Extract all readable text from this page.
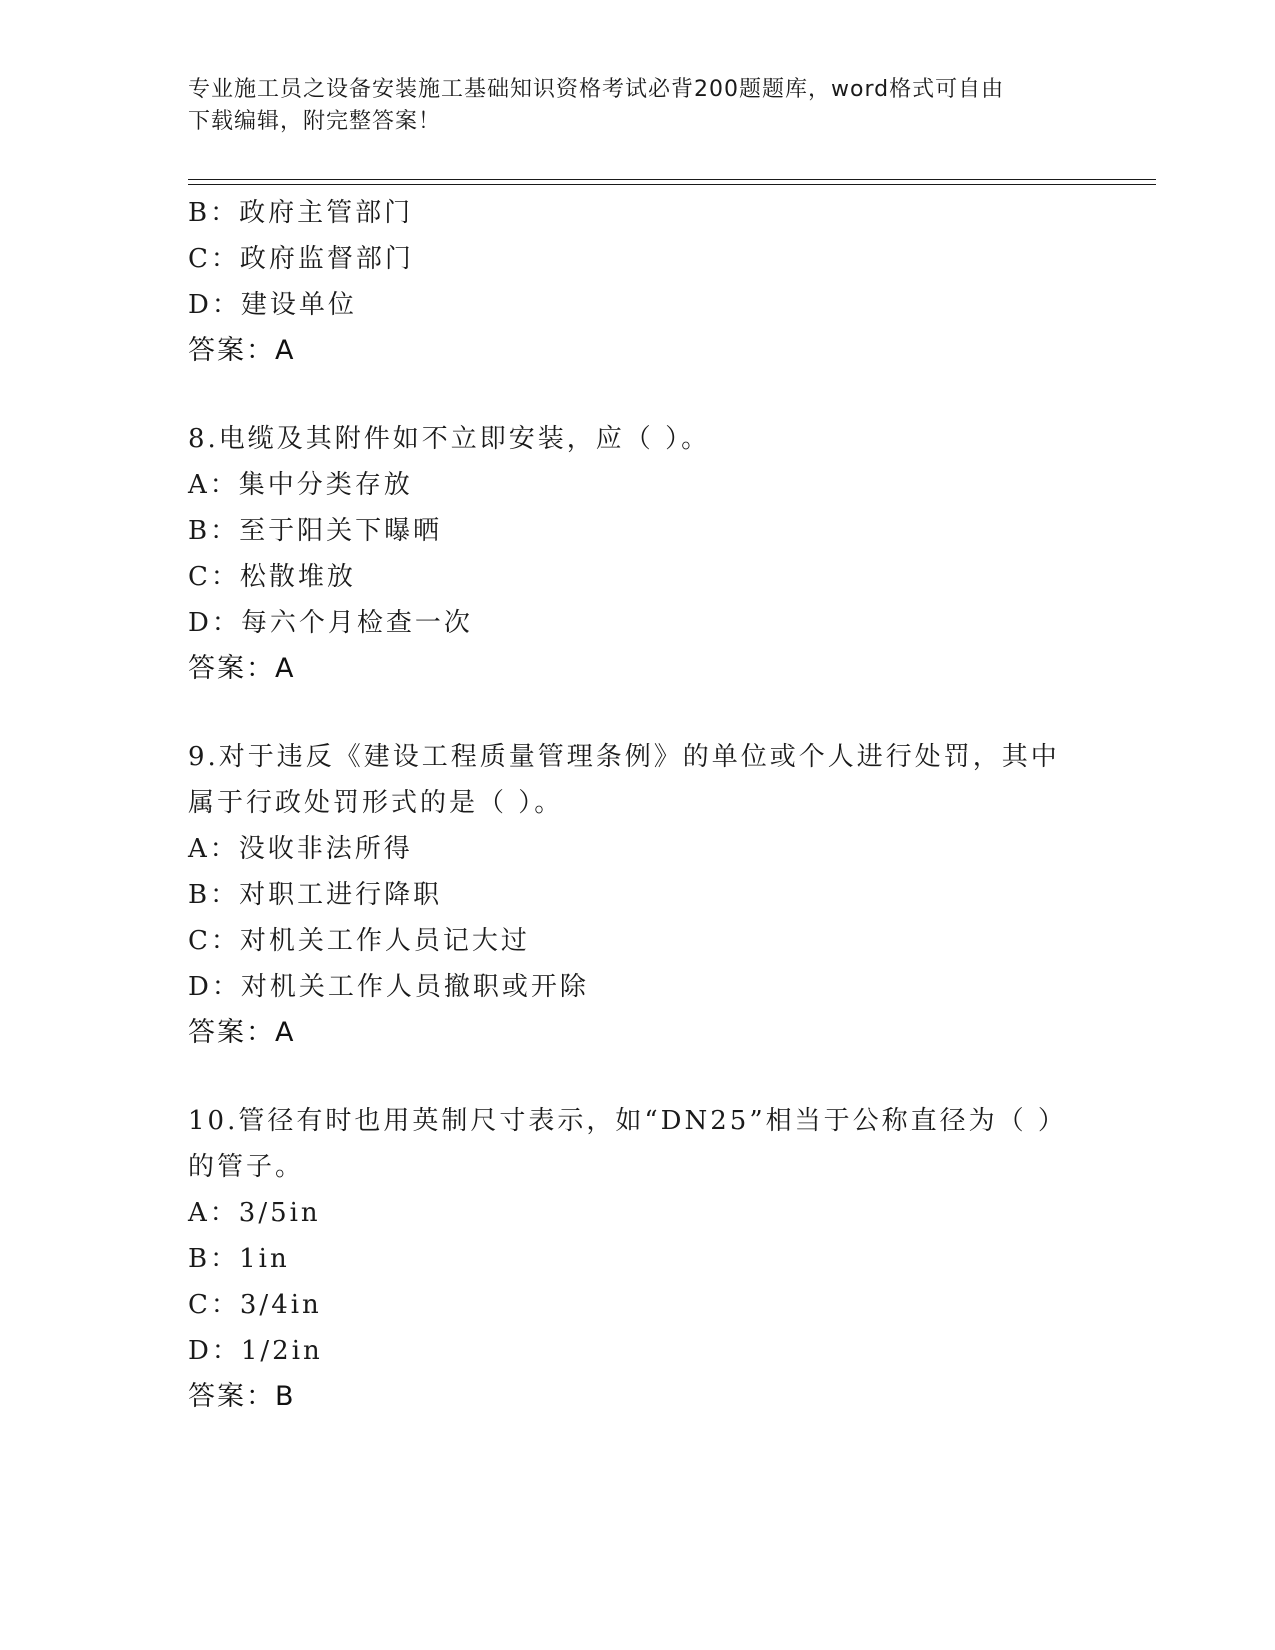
专业施工员之设备安装施工基础知识资格考试必背200题题库，word格式可自由
下载编辑，附完整答案！
B：政府主管部门
C：政府监督部门
D：建设单位
答案：A
8.电缆及其附件如不立即安装，应（ ）。
A：集中分类存放
B：至于阳关下曝晒
C：松散堆放
D：每六个月检查一次
答案：A
9.对于违反《建设工程质量管理条例》的单位或个人进行处罚，其中
属于行政处罚形式的是（ ）。
A：没收非法所得
B：对职工进行降职
C：对机关工作人员记大过
D：对机关工作人员撤职或开除
答案：A
10.管径有时也用英制尺寸表示，如“DN25”相当于公称直径为（ ）
的管子。
A：3/5in
B：1in
C：3/4in
D：1/2in
答案：B
